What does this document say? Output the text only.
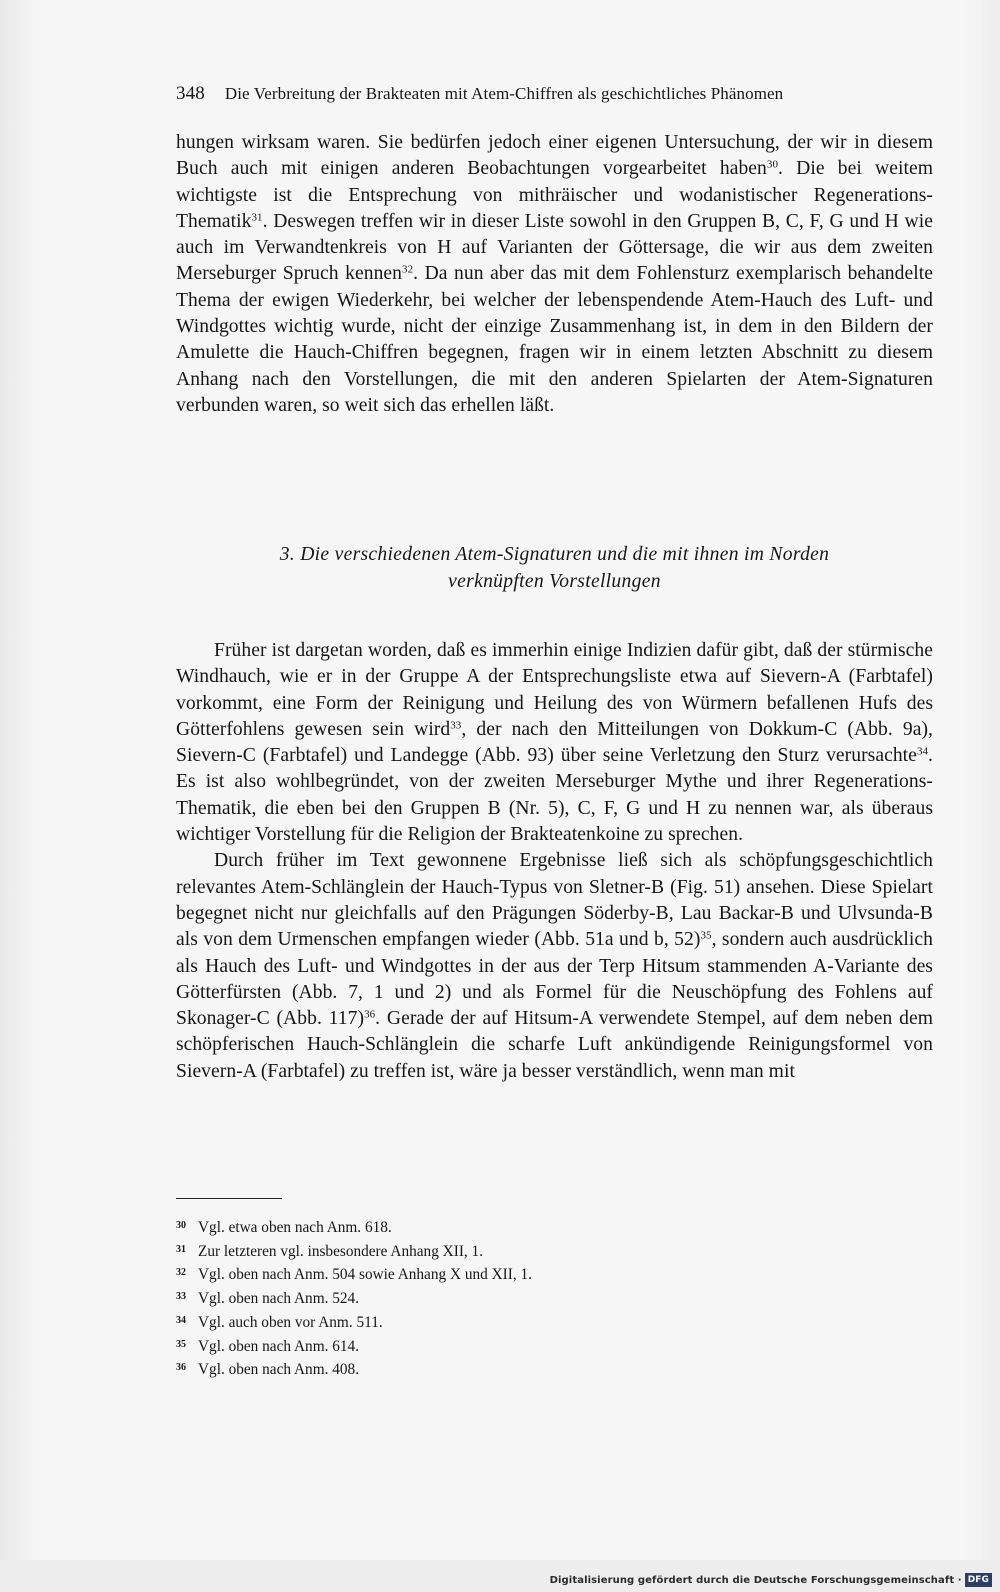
348 Die Verbreitung der Brakteaten mit Atem-Chiffren als geschichtliches Phänomen

hungen wirksam waren. Sie bedürfen jedoch einer eigenen Untersuchung, der wir in diesem Buch auch mit einigen anderen Beobachtungen vorgearbeitet haben$^{30}$. Die bei weitem wichtigste ist die Entsprechung von mithräischer und wodanistischer Regenerations-Thematik$^{31}$. Deswegen treffen wir in dieser Liste sowohl in den Gruppen B, C, F, G und H wie auch im Verwandtenkreis von H auf Varianten der Göttersage, die wir aus dem zweiten Merseburger Spruch kennen$^{32}$. Da nun aber das mit dem Fohlensturz exemplarisch behandelte Thema der ewigen Wiederkehr, bei welcher der lebenspendende Atem-Hauch des Luft- und Windgottes wichtig wurde, nicht der einzige Zusammenhang ist, in dem in den Bildern der Amulette die Hauch-Chiffren begegnen, fragen wir in einem letzten Abschnitt zu diesem Anhang nach den Vorstellungen, die mit den anderen Spielarten der Atem-Signaturen verbunden waren, so weit sich das erhellen läßt.

3. Die verschiedenen Atem-Signaturen und die mit ihnen im Norden
verknüpften Vorstellungen

Früher ist dargetan worden, daß es immerhin einige Indizien dafür gibt, daß der stürmische Windhauch, wie er in der Gruppe A der Entsprechungsliste etwa auf Sievern-A (Farbtafel) vorkommt, eine Form der Reinigung und Heilung des von Würmern befallenen Hufs des Götterfohlens gewesen sein wird$^{33}$, der nach den Mitteilungen von Dokkum-C (Abb. 9a), Sievern-C (Farbtafel) und Landegge (Abb. 93) über seine Verletzung den Sturz verursachte$^{34}$. Es ist also wohlbegründet, von der zweiten Merseburger Mythe und ihrer Regenerations-Thematik, die eben bei den Gruppen B (Nr. 5), C, F, G und H zu nennen war, als überaus wichtiger Vorstellung für die Religion der Brakteatenkoine zu sprechen.

Durch früher im Text gewonnene Ergebnisse ließ sich als schöpfungsgeschichtlich relevantes Atem-Schlänglein der Hauch-Typus von Sletner-B (Fig. 51) ansehen. Diese Spielart begegnet nicht nur gleichfalls auf den Prägungen Söderby-B, Lau Backar-B und Ulvsunda-B als von dem Urmenschen empfangen wieder (Abb. 51a und b, 52)$^{35}$, sondern auch ausdrücklich als Hauch des Luft- und Windgottes in der aus der Terp Hitsum stammenden A-Variante des Götterfürsten (Abb. 7, 1 und 2) und als Formel für die Neuschöpfung des Fohlens auf Skonager-C (Abb. 117)$^{36}$. Gerade der auf Hitsum-A verwendete Stempel, auf dem neben dem schöpferischen Hauch-Schlänglein die scharfe Luft ankündigende Reinigungsformel von Sievern-A (Farbtafel) zu treffen ist, wäre ja besser verständlich, wenn man mit

30 Vgl. etwa oben nach Anm. 618.
31 Zur letzteren vgl. insbesondere Anhang XII, 1.
32 Vgl. oben nach Anm. 504 sowie Anhang X und XII, 1.
33 Vgl. oben nach Anm. 524.
34 Vgl. auch oben vor Anm. 511.
35 Vgl. oben nach Anm. 614.
36 Vgl. oben nach Anm. 408.
Digitalisierung gefördert durch die Deutsche Forschungsgemeinschaft · DFG
